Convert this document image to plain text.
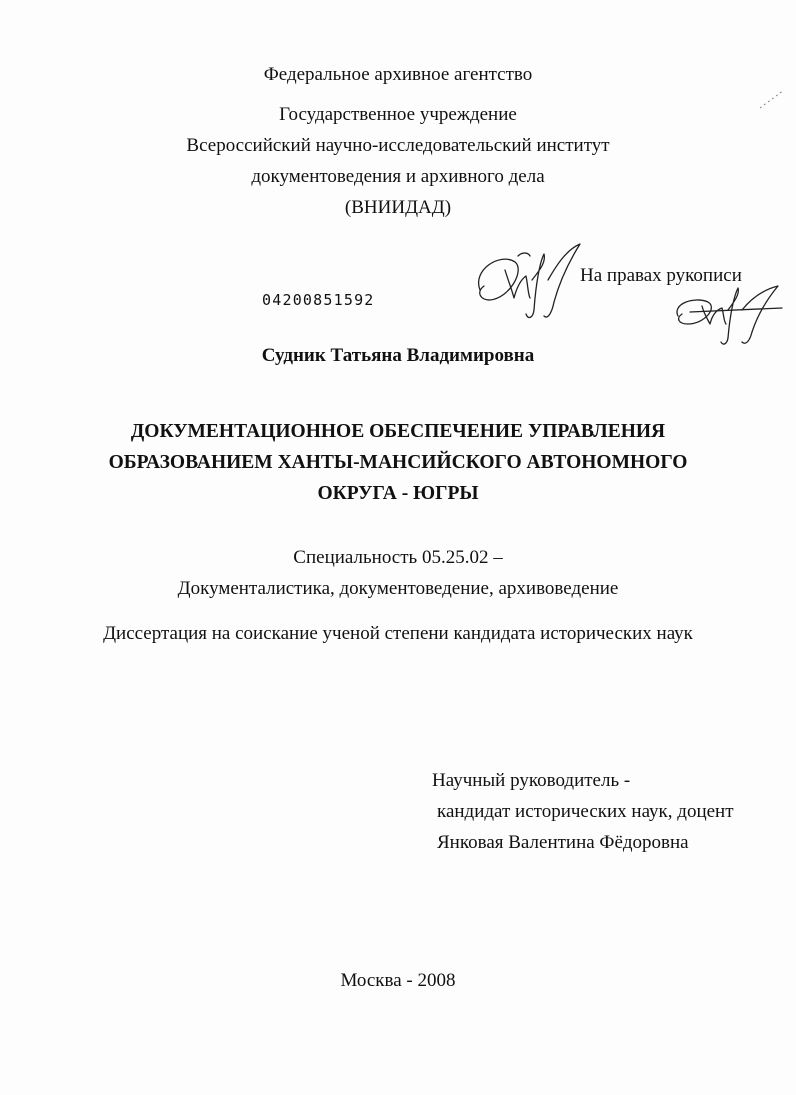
Федеральное архивное агентство
Государственное учреждение
Всероссийский научно-исследовательский институт
документоведения и архивного дела
(ВНИИДАД)
04200851592
На правах рукописи
Судник Татьяна Владимировна
ДОКУМЕНТАЦИОННОЕ ОБЕСПЕЧЕНИЕ УПРАВЛЕНИЯ
ОБРАЗОВАНИЕМ ХАНТЫ-МАНСИЙСКОГО АВТОНОМНОГО
ОКРУГА - ЮГРЫ
Специальность 05.25.02 –
Документалистика, документоведение, архивоведение
Диссертация на соискание ученой степени кандидата исторических наук
Научный руководитель -
кандидат исторических наук, доцент
Янковая Валентина Фёдоровна
Москва - 2008
